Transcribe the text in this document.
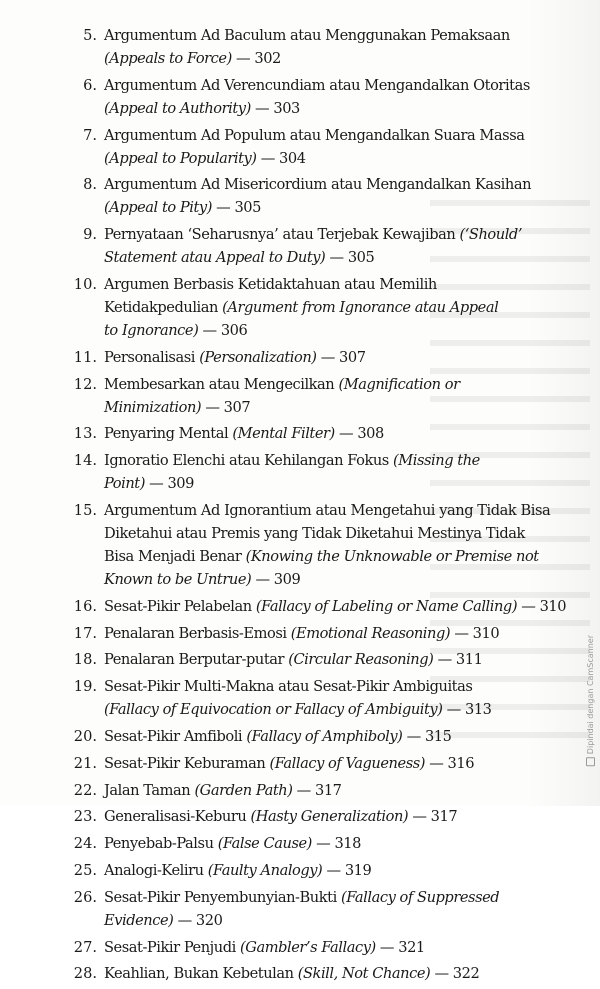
5. Argumentum Ad Baculum atau Menggunakan Pemaksaan
(Appeals to Force) — 302
6. Argumentum Ad Verencundiam atau Mengandalkan Otoritas
(Appeal to Authority) — 303
7. Argumentum Ad Populum atau Mengandalkan Suara Massa
(Appeal to Popularity) — 304
8. Argumentum Ad Misericordium atau Mengandalkan Kasihan
(Appeal to Pity) — 305
9. Pernyataan ‘Seharusnya’ atau Terjebak Kewajiban (‘Should’
Statement atau Appeal to Duty) — 305
10. Argumen Berbasis Ketidaktahuan atau Memilih
Ketidakpedulian (Argument from Ignorance atau Appeal
to Ignorance) — 306
11. Personalisasi (Personalization) — 307
12. Membesarkan atau Mengecilkan (Magnification or
Minimization) — 307
13. Penyaring Mental (Mental Filter) — 308
14. Ignoratio Elenchi atau Kehilangan Fokus (Missing the
Point) — 309
15. Argumentum Ad Ignorantium atau Mengetahui yang Tidak Bisa
Diketahui atau Premis yang Tidak Diketahui Mestinya Tidak
Bisa Menjadi Benar (Knowing the Unknowable or Premise not
Known to be Untrue) — 309
16. Sesat-Pikir Pelabelan (Fallacy of Labeling or Name Calling) — 310
17. Penalaran Berbasis-Emosi (Emotional Reasoning) — 310
18. Penalaran Berputar-putar (Circular Reasoning) — 311
19. Sesat-Pikir Multi-Makna atau Sesat-Pikir Ambiguitas
(Fallacy of Equivocation or Fallacy of Ambiguity) — 313
20. Sesat-Pikir Amfiboli (Fallacy of Amphiboly) — 315
21. Sesat-Pikir Keburaman (Fallacy of Vagueness) — 316
22. Jalan Taman (Garden Path) — 317
23. Generalisasi-Keburu (Hasty Generalization) — 317
24. Penyebab-Palsu (False Cause) — 318
25. Analogi-Keliru (Faulty Analogy) — 319
26. Sesat-Pikir Penyembunyian-Bukti (Fallacy of Suppressed
Evidence) — 320
27. Sesat-Pikir Penjudi (Gambler’s Fallacy) — 321
28. Keahlian, Bukan Kebetulan (Skill, Not Chance) — 322
Dipindai dengan CamScanner
